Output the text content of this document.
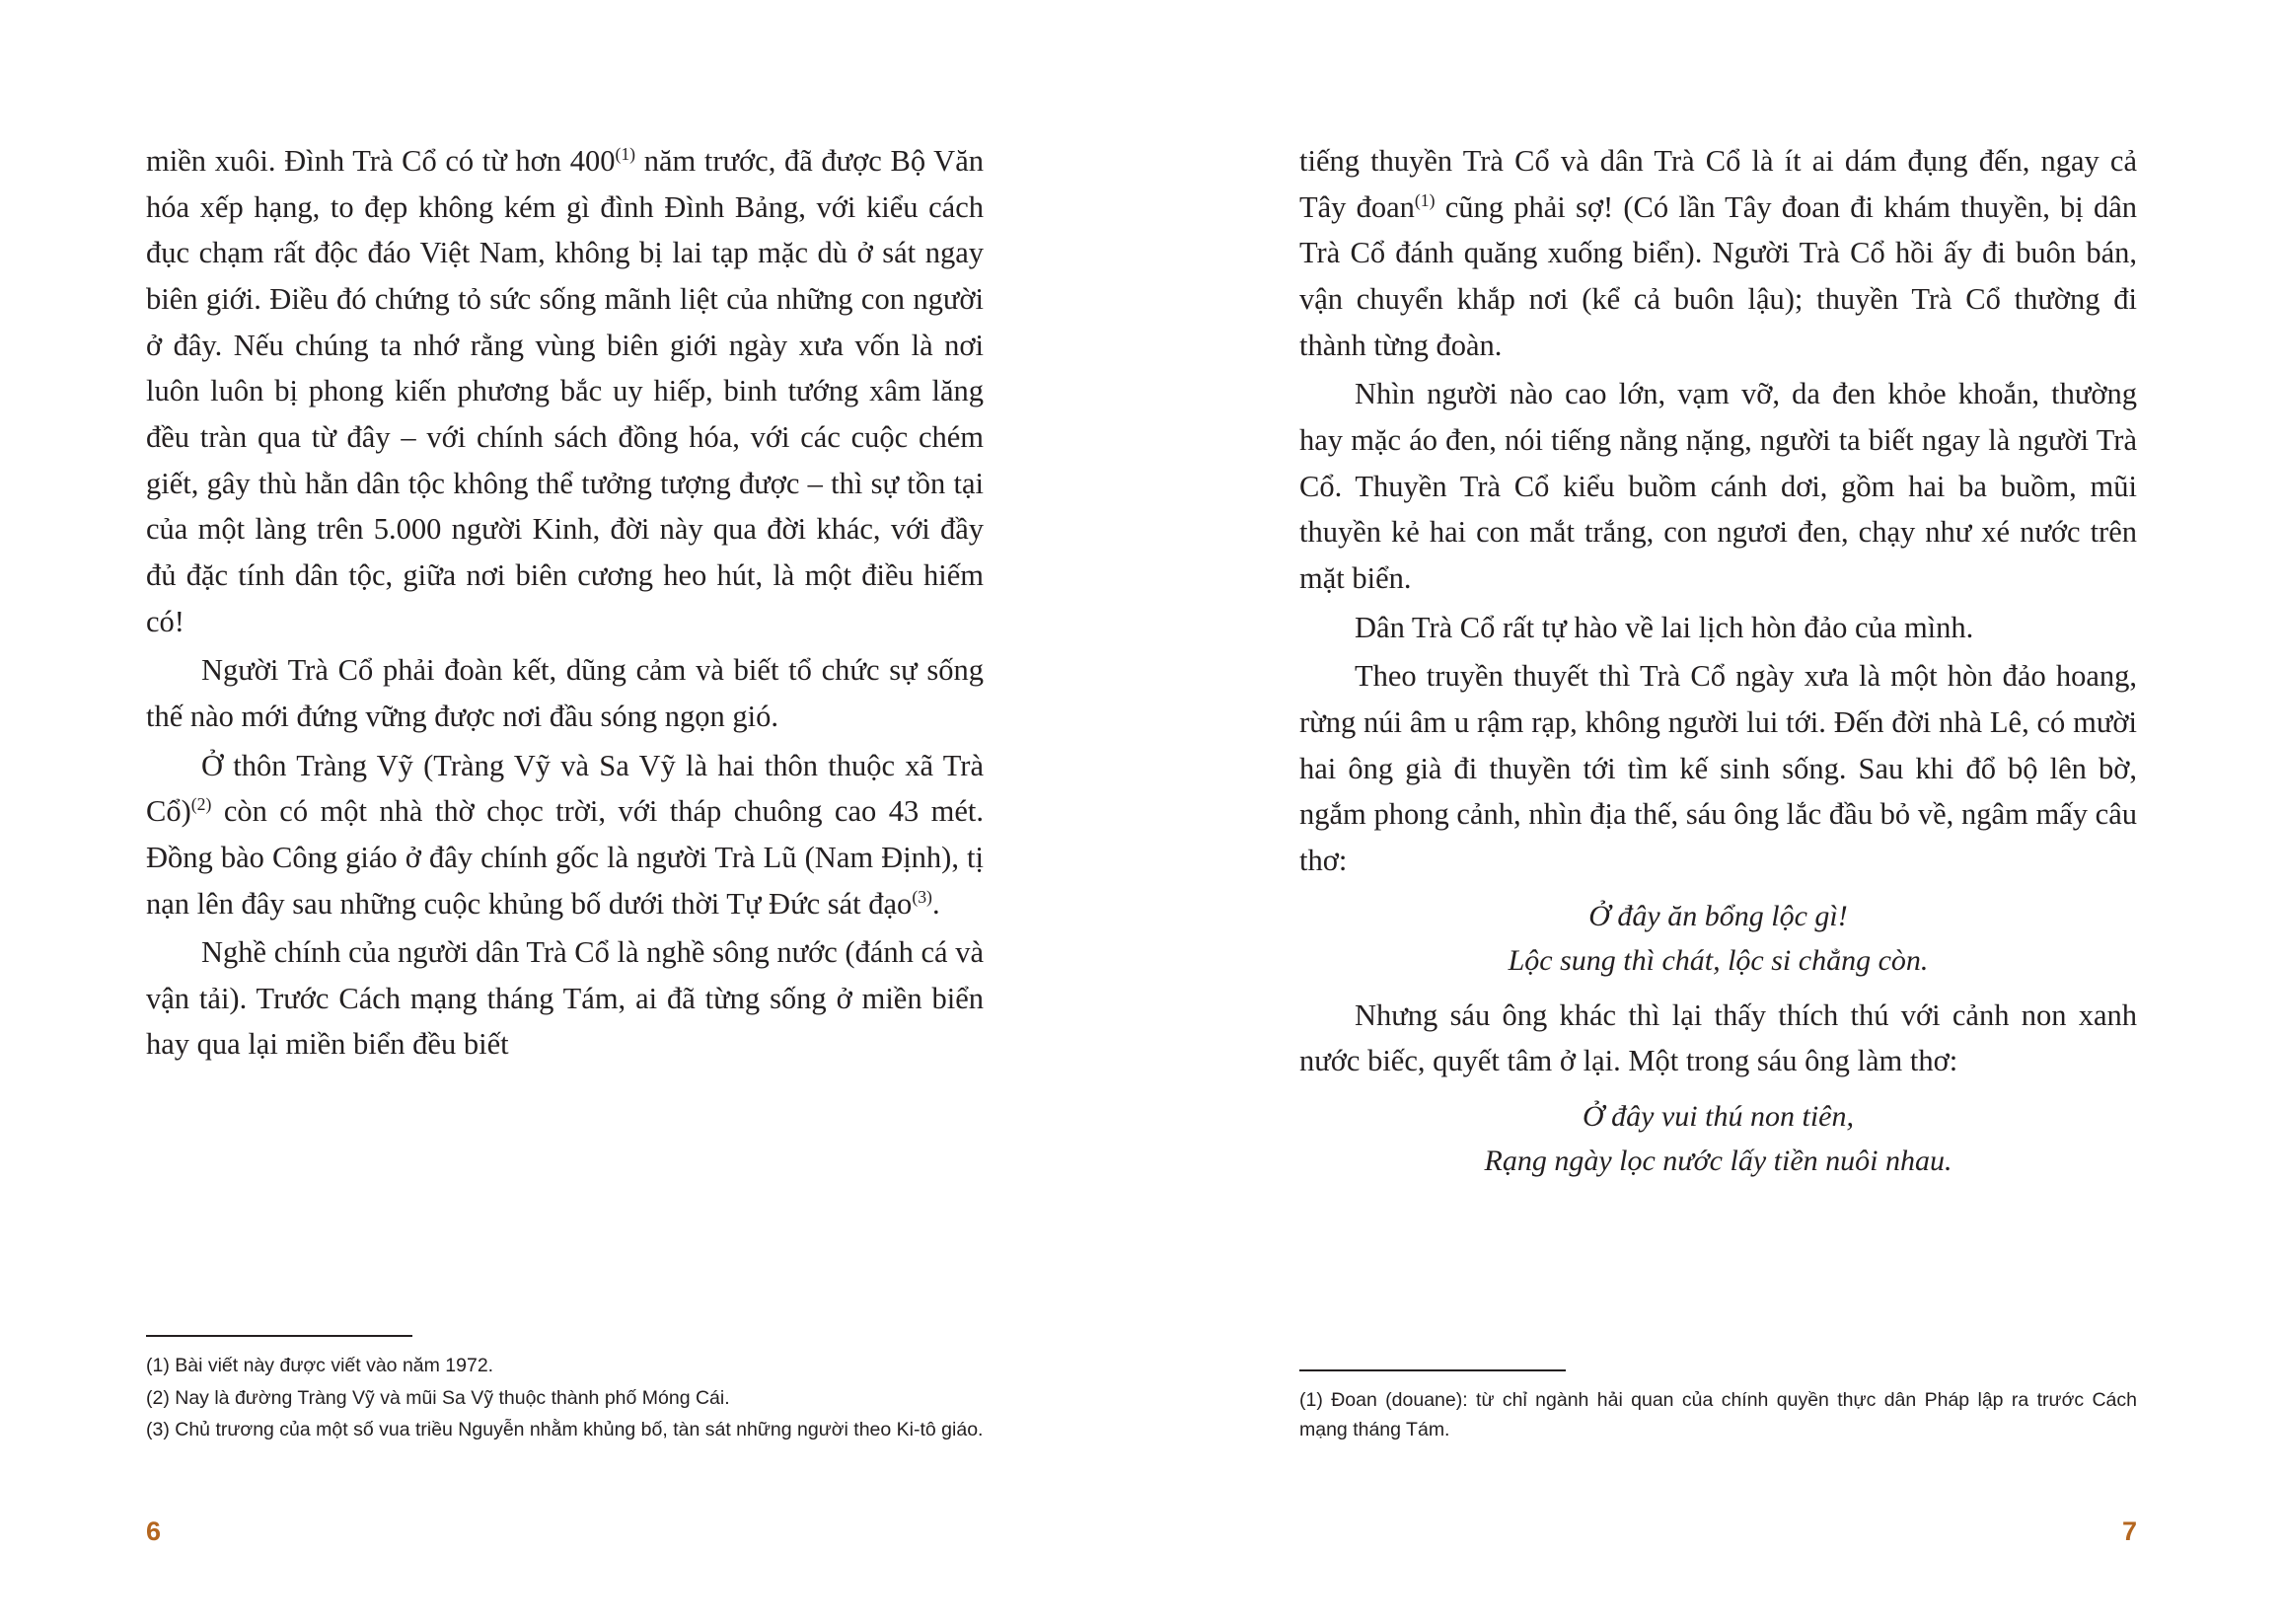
miền xuôi. Đình Trà Cổ có từ hơn 400$^{(1)}$ năm trước, đã được Bộ Văn hóa xếp hạng, to đẹp không kém gì đình Đình Bảng, với kiểu cách đục chạm rất độc đáo Việt Nam, không bị lai tạp mặc dù ở sát ngay biên giới. Điều đó chứng tỏ sức sống mãnh liệt của những con người ở đây. Nếu chúng ta nhớ rằng vùng biên giới ngày xưa vốn là nơi luôn luôn bị phong kiến phương bắc uy hiếp, binh tướng xâm lăng đều tràn qua từ đây – với chính sách đồng hóa, với các cuộc chém giết, gây thù hằn dân tộc không thể tưởng tượng được – thì sự tồn tại của một làng trên 5.000 người Kinh, đời này qua đời khác, với đầy đủ đặc tính dân tộc, giữa nơi biên cương heo hút, là một điều hiếm có!

Người Trà Cổ phải đoàn kết, dũng cảm và biết tổ chức sự sống thế nào mới đứng vững được nơi đầu sóng ngọn gió.

Ở thôn Tràng Vỹ (Tràng Vỹ và Sa Vỹ là hai thôn thuộc xã Trà Cổ)$^{(2)}$ còn có một nhà thờ chọc trời, với tháp chuông cao 43 mét. Đồng bào Công giáo ở đây chính gốc là người Trà Lũ (Nam Định), tị nạn lên đây sau những cuộc khủng bố dưới thời Tự Đức sát đạo$^{(3)}$.

Nghề chính của người dân Trà Cổ là nghề sông nước (đánh cá và vận tải). Trước Cách mạng tháng Tám, ai đã từng sống ở miền biển hay qua lại miền biển đều biết

(1) Bài viết này được viết vào năm 1972.
(2) Nay là đường Tràng Vỹ và mũi Sa Vỹ thuộc thành phố Móng Cái.
(3) Chủ trương của một số vua triều Nguyễn nhằm khủng bố, tàn sát những người theo Ki-tô giáo.
6

tiếng thuyền Trà Cổ và dân Trà Cổ là ít ai dám đụng đến, ngay cả Tây đoan$^{(1)}$ cũng phải sợ! (Có lần Tây đoan đi khám thuyền, bị dân Trà Cổ đánh quăng xuống biển). Người Trà Cổ hồi ấy đi buôn bán, vận chuyển khắp nơi (kể cả buôn lậu); thuyền Trà Cổ thường đi thành từng đoàn.

Nhìn người nào cao lớn, vạm vỡ, da đen khỏe khoắn, thường hay mặc áo đen, nói tiếng nằng nặng, người ta biết ngay là người Trà Cổ. Thuyền Trà Cổ kiểu buồm cánh dơi, gồm hai ba buồm, mũi thuyền kẻ hai con mắt trắng, con ngươi đen, chạy như xé nước trên mặt biển.

Dân Trà Cổ rất tự hào về lai lịch hòn đảo của mình.

Theo truyền thuyết thì Trà Cổ ngày xưa là một hòn đảo hoang, rừng núi âm u rậm rạp, không người lui tới. Đến đời nhà Lê, có mười hai ông già đi thuyền tới tìm kế sinh sống. Sau khi đổ bộ lên bờ, ngắm phong cảnh, nhìn địa thế, sáu ông lắc đầu bỏ về, ngâm mấy câu thơ:

Ở đây ăn bổng lộc gì!
Lộc sung thì chát, lộc si chẳng còn.

Nhưng sáu ông khác thì lại thấy thích thú với cảnh non xanh nước biếc, quyết tâm ở lại. Một trong sáu ông làm thơ:

Ở đây vui thú non tiên,
Rạng ngày lọc nước lấy tiền nuôi nhau.
(1) Đoan (douane): từ chỉ ngành hải quan của chính quyền thực dân Pháp lập ra trước Cách mạng tháng Tám.
7
